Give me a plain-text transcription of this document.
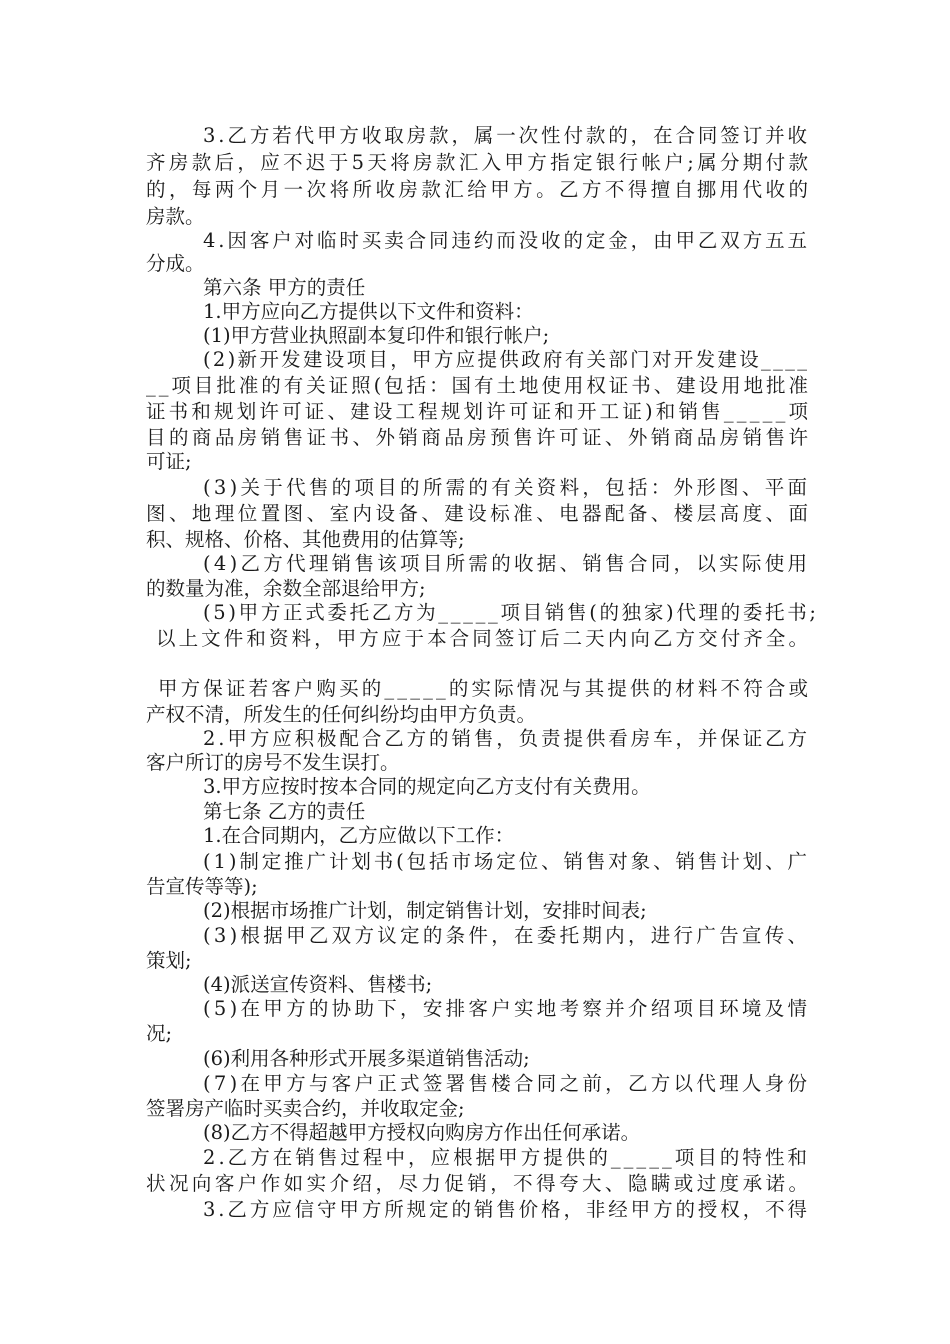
3.乙方若代甲方收取房款，属一次性付款的，在合同签订并收
齐房款后，应不迟于5天将房款汇入甲方指定银行帐户;属分期付款
的，每两个月一次将所收房款汇给甲方。乙方不得擅自挪用代收的
房款。
4.因客户对临时买卖合同违约而没收的定金，由甲乙双方五五
分成。
第六条 甲方的责任
1.甲方应向乙方提供以下文件和资料：
(1)甲方营业执照副本复印件和银行帐户;
(2)新开发建设项目，甲方应提供政府有关部门对开发建设____
__项目批准的有关证照(包括：国有土地使用权证书、建设用地批准
证书和规划许可证、建设工程规划许可证和开工证)和销售_____项
目的商品房销售证书、外销商品房预售许可证、外销商品房销售许
可证;
(3)关于代售的项目的所需的有关资料，包括：外形图、平面
图、地理位置图、室内设备、建设标准、电器配备、楼层高度、面
积、规格、价格、其他费用的估算等;
(4)乙方代理销售该项目所需的收据、销售合同，以实际使用
的数量为准，余数全部退给甲方;
(5)甲方正式委托乙方为_____项目销售(的独家)代理的委托书;
以上文件和资料，甲方应于本合同签订后二天内向乙方交付齐全。
甲方保证若客户购买的_____的实际情况与其提供的材料不符合或
产权不清，所发生的任何纠纷均由甲方负责。
2.甲方应积极配合乙方的销售，负责提供看房车，并保证乙方
客户所订的房号不发生误打。
3.甲方应按时按本合同的规定向乙方支付有关费用。
第七条 乙方的责任
1.在合同期内，乙方应做以下工作：
(1)制定推广计划书(包括市场定位、销售对象、销售计划、广
告宣传等等);
(2)根据市场推广计划，制定销售计划，安排时间表;
(3)根据甲乙双方议定的条件，在委托期内，进行广告宣传、
策划;
(4)派送宣传资料、售楼书;
(5)在甲方的协助下，安排客户实地考察并介绍项目环境及情
况;
(6)利用各种形式开展多渠道销售活动;
(7)在甲方与客户正式签署售楼合同之前，乙方以代理人身份
签署房产临时买卖合约，并收取定金;
(8)乙方不得超越甲方授权向购房方作出任何承诺。
2.乙方在销售过程中，应根据甲方提供的_____项目的特性和
状况向客户作如实介绍，尽力促销，不得夸大、隐瞒或过度承诺。
3.乙方应信守甲方所规定的销售价格，非经甲方的授权，不得
